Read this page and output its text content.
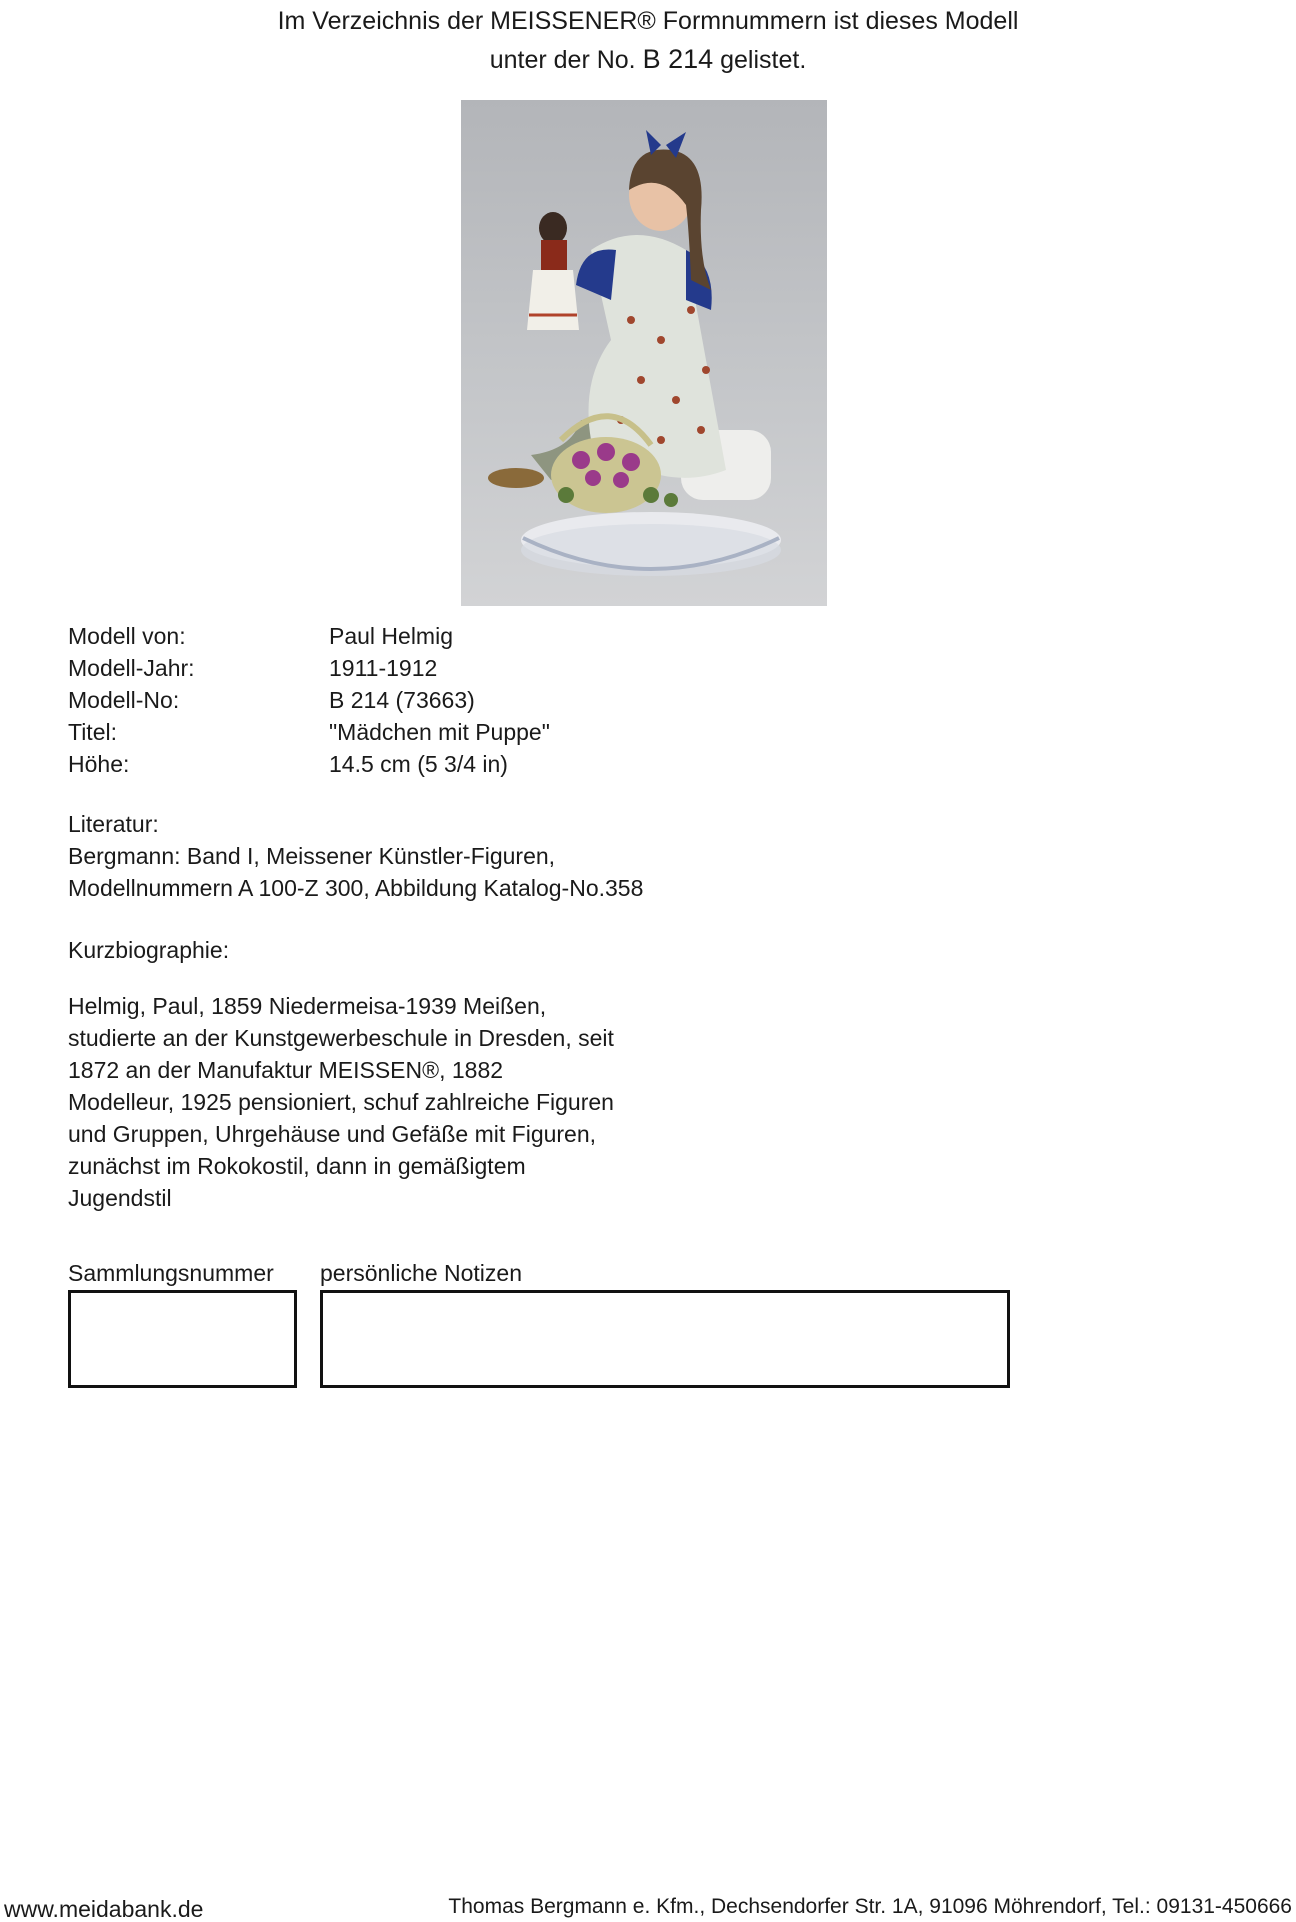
Im Verzeichnis der MEISSENER® Formnummern ist dieses Modell
unter der No. B 214 gelistet.
Modell von:	Paul Helmig
Modell-Jahr:	1911-1912
Modell-No:	B 214 (73663)
Titel:	"Mädchen mit Puppe"
Höhe:	14.5 cm (5 3/4 in)
Literatur:
Bergmann: Band I, Meissener Künstler-Figuren,
Modellnummern A 100-Z 300, Abbildung Katalog-No.358
Kurzbiographie:
Helmig, Paul, 1859 Niedermeisa-1939 Meißen,
studierte an der Kunstgewerbeschule in Dresden, seit
1872 an der Manufaktur MEISSEN®, 1882
Modelleur, 1925 pensioniert, schuf zahlreiche Figuren
und Gruppen, Uhrgehäuse und Gefäße mit Figuren,
zunächst im Rokokostil, dann in gemäßigtem
Jugendstil
Sammlungsnummer persönliche Notizen
www.meidabank.de	Thomas Bergmann e. Kfm., Dechsendorfer Str. 1A, 91096 Möhrendorf, Tel.: 09131-450666
